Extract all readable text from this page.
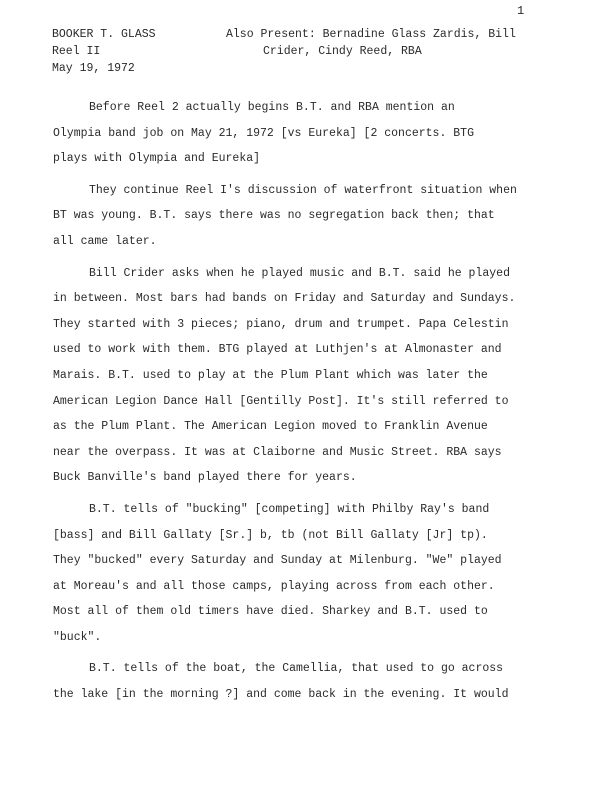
1
BOOKER T. GLASS
Reel II
May 19, 1972
Also Present: Bernadine Glass Zardis, Bill
Crider, Cindy Reed, RBA

Before Reel 2 actually begins B.T. and RBA mention an
Olympia band job on May 21, 1972 [vs Eureka] [2 concerts. BTG
plays with Olympia and Eureka]

They continue Reel I's discussion of waterfront situation when
BT was young. B.T. says there was no segregation back then; that
all came later.

Bill Crider asks when he played music and B.T. said he played
in between. Most bars had bands on Friday and Saturday and Sundays.
They started with 3 pieces; piano, drum and trumpet. Papa Celestin
used to work with them. BTG played at Luthjen's at Almonaster and
Marais. B.T. used to play at the Plum Plant which was later the
American Legion Dance Hall [Gentilly Post]. It's still referred to
as the Plum Plant. The American Legion moved to Franklin Avenue
near the overpass. It was at Claiborne and Music Street. RBA says
Buck Banville's band played there for years.

B.T. tells of "bucking" [competing] with Philby Ray's band
[bass] and Bill Gallaty [Sr.] b, tb (not Bill Gallaty [Jr] tp).
They "bucked" every Saturday and Sunday at Milenburg. "We" played
at Moreau's and all those camps, playing across from each other.
Most all of them old timers have died. Sharkey and B.T. used to
"buck".

B.T. tells of the boat, the Camellia, that used to go across
the lake [in the morning ?] and come back in the evening. It would
